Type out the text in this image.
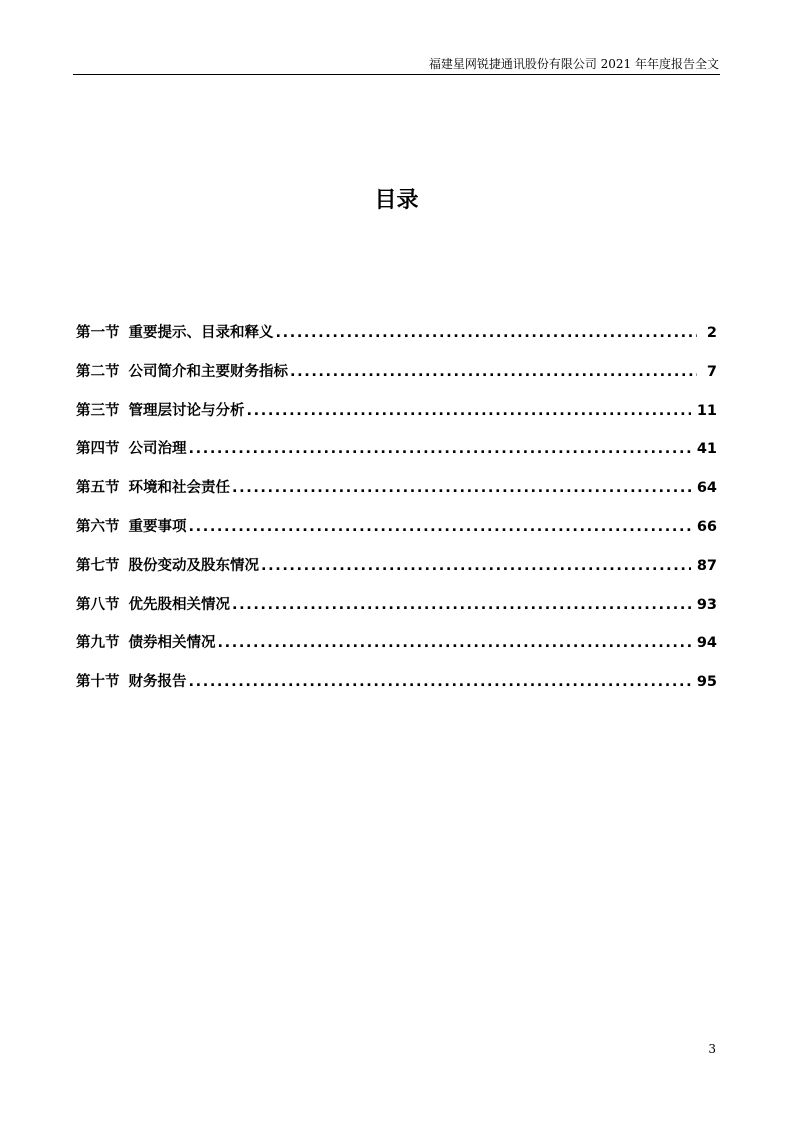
福建星网锐捷通讯股份有限公司 2021 年年度报告全文
目录
第一节 重要提示、目录和释义 .....	2
第二节 公司简介和主要财务指标 .....	7
第三节 管理层讨论与分析 .....	11
第四节 公司治理 .....	41
第五节 环境和社会责任 .....	64
第六节 重要事项 .....	66
第七节 股份变动及股东情况 .....	87
第八节 优先股相关情况 .....	93
第九节 债券相关情况 .....	94
第十节 财务报告 .....	95
3
